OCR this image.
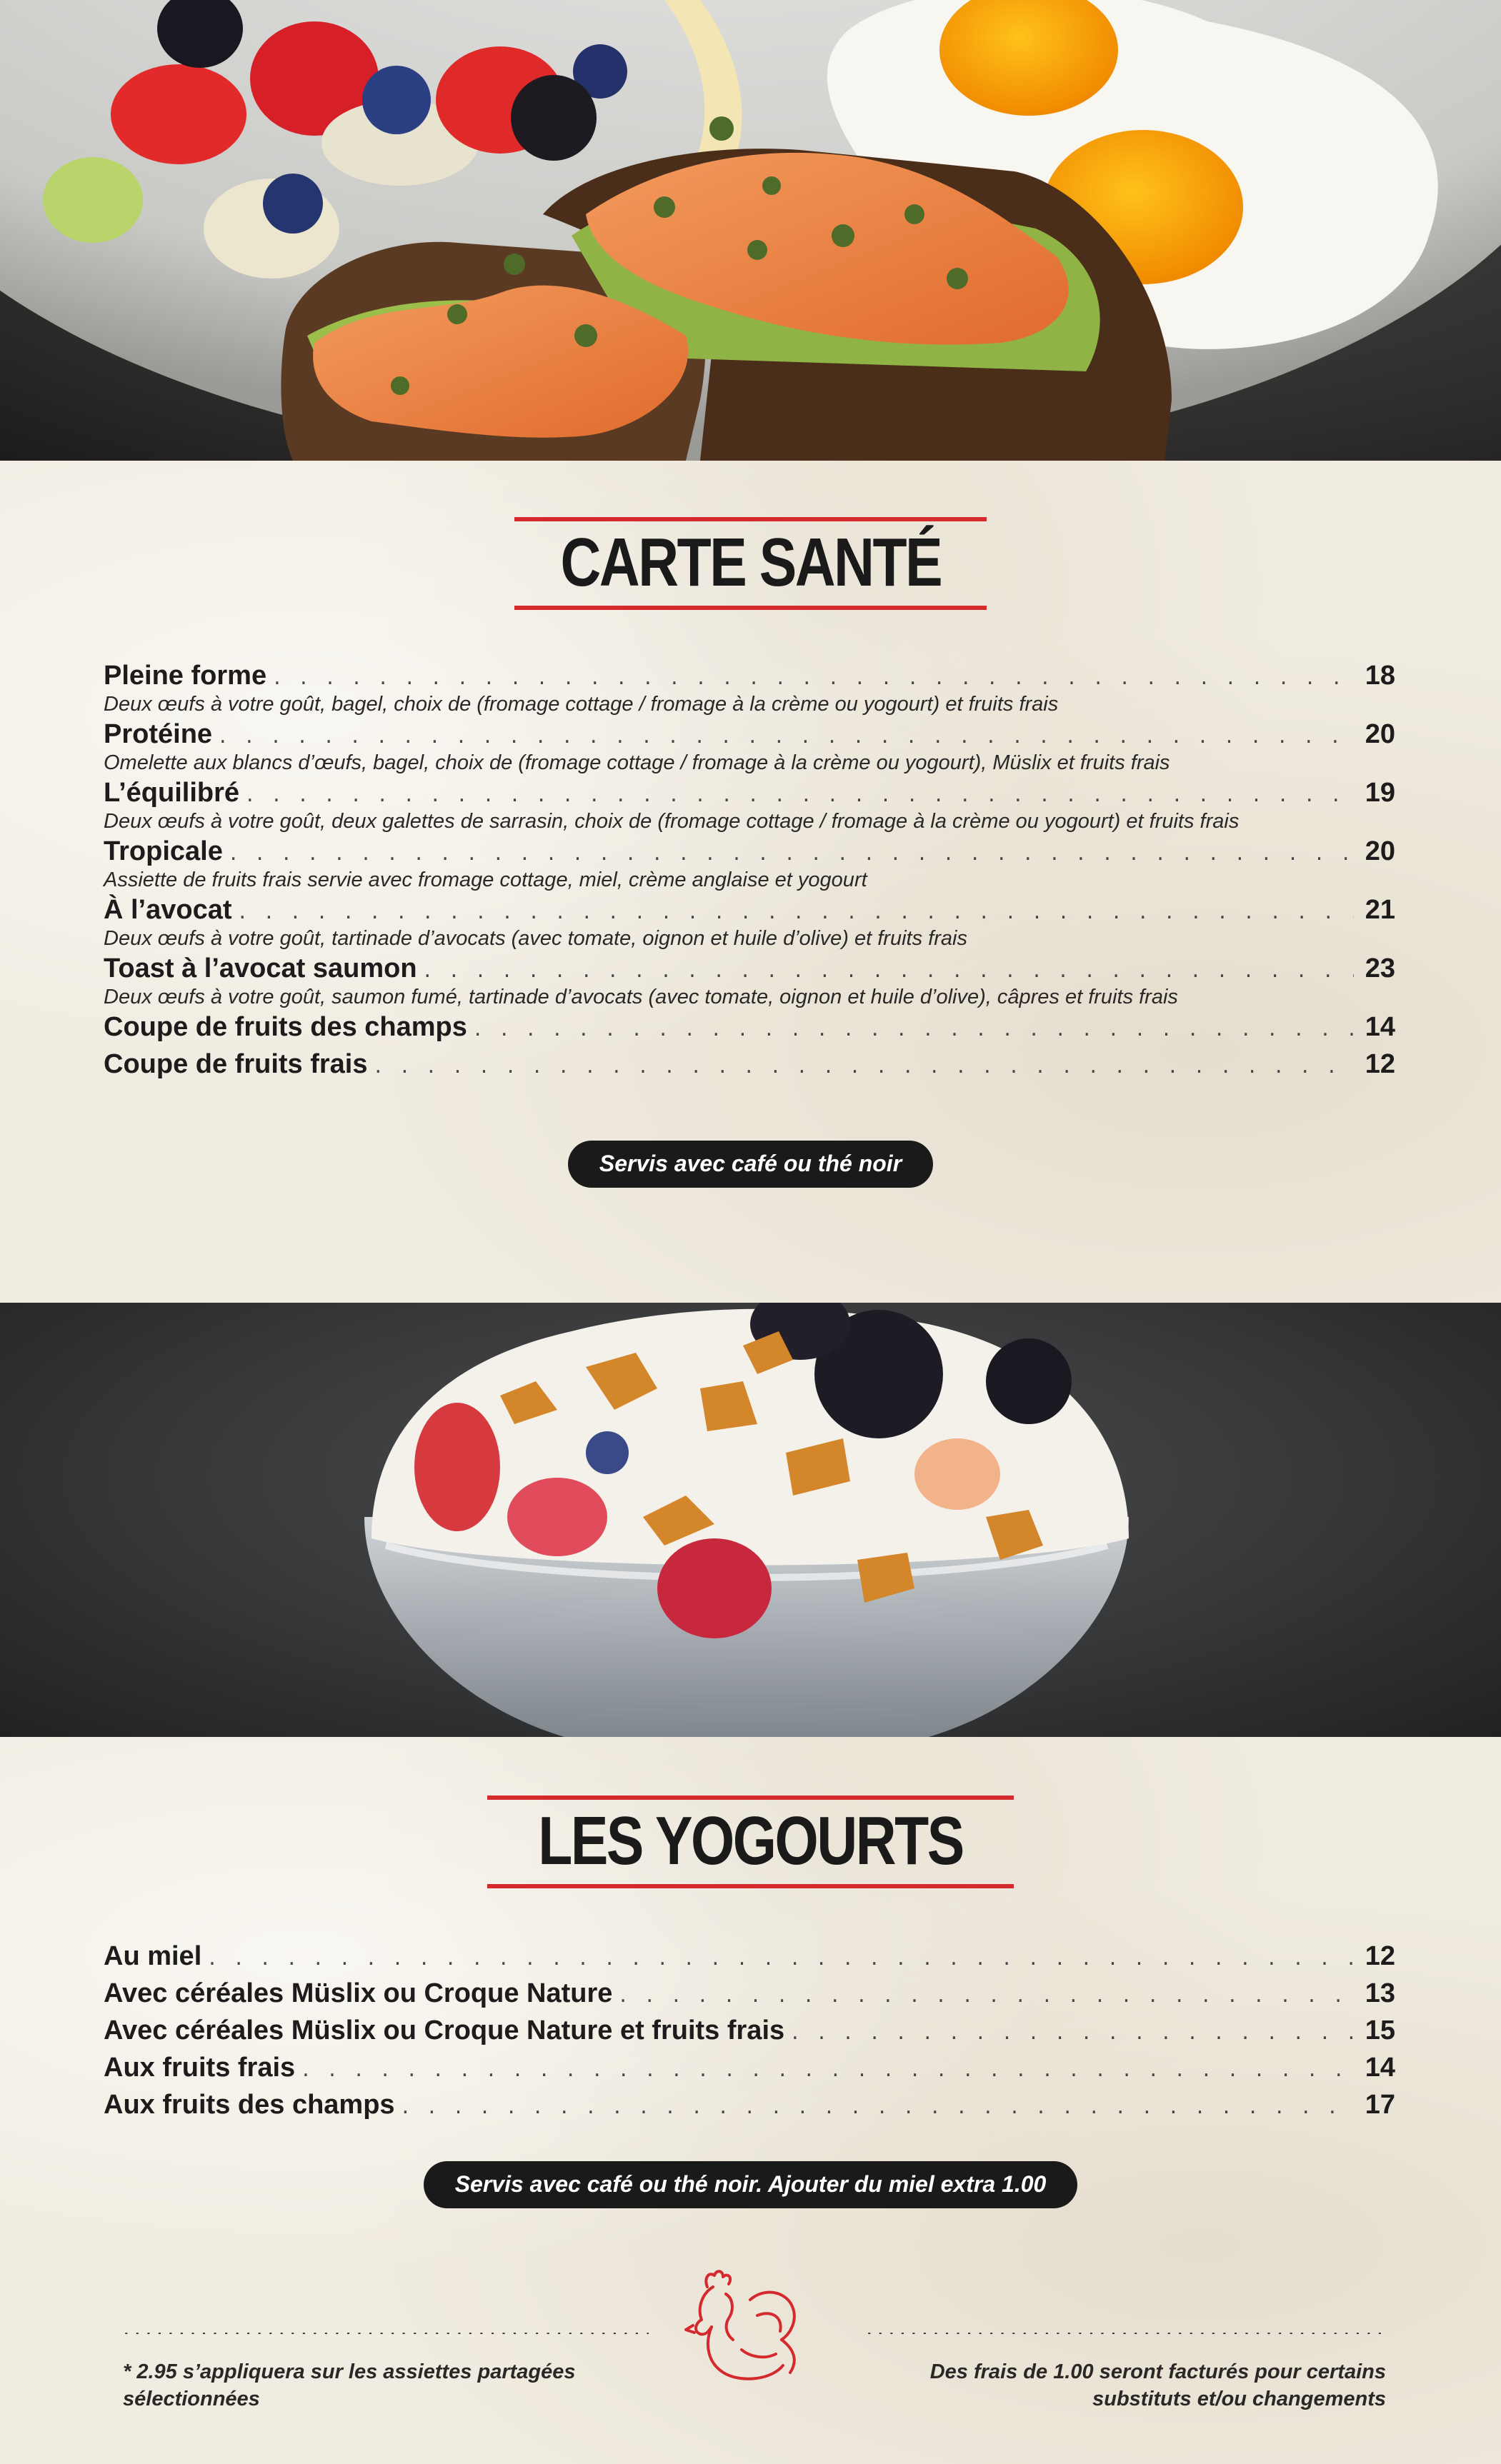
CARTE SANTÉ
Pleine forme . . .	18
Deux œufs à votre goût, bagel, choix de (fromage cottage / fromage à la crème ou yogourt) et fruits frais
Protéine . . .	20
Omelette aux blancs d’œufs, bagel, choix de (fromage cottage / fromage à la crème ou yogourt), Müslix et fruits frais
L’équilibré . . .	19
Deux œufs à votre goût, deux galettes de sarrasin, choix de (fromage cottage / fromage à la crème ou yogourt) et fruits frais
Tropicale . . .	20
Assiette de fruits frais servie avec fromage cottage, miel, crème anglaise et yogourt
À l’avocat . . .	21
Deux œufs à votre goût, tartinade d’avocats (avec tomate, oignon et huile d’olive) et fruits frais
Toast à l’avocat saumon . . .	23
Deux œufs à votre goût, saumon fumé, tartinade d’avocats (avec tomate, oignon et huile d’olive), câpres et fruits frais
Coupe de fruits des champs . . .	14
Coupe de fruits frais . . .	12
Servis avec café ou thé noir
LES YOGOURTS
Au miel . . .	12
Avec céréales Müslix ou Croque Nature . . .	13
Avec céréales Müslix ou Croque Nature et fruits frais . . .	15
Aux fruits frais . . .	14
Aux fruits des champs . . .	17
Servis avec café ou thé noir. Ajouter du miel extra 1.00
.....
.....
* 2.95 s’appliquera sur les assiettes partagées sélectionnées
Des frais de 1.00 seront facturés pour certains substituts et/ou changements
